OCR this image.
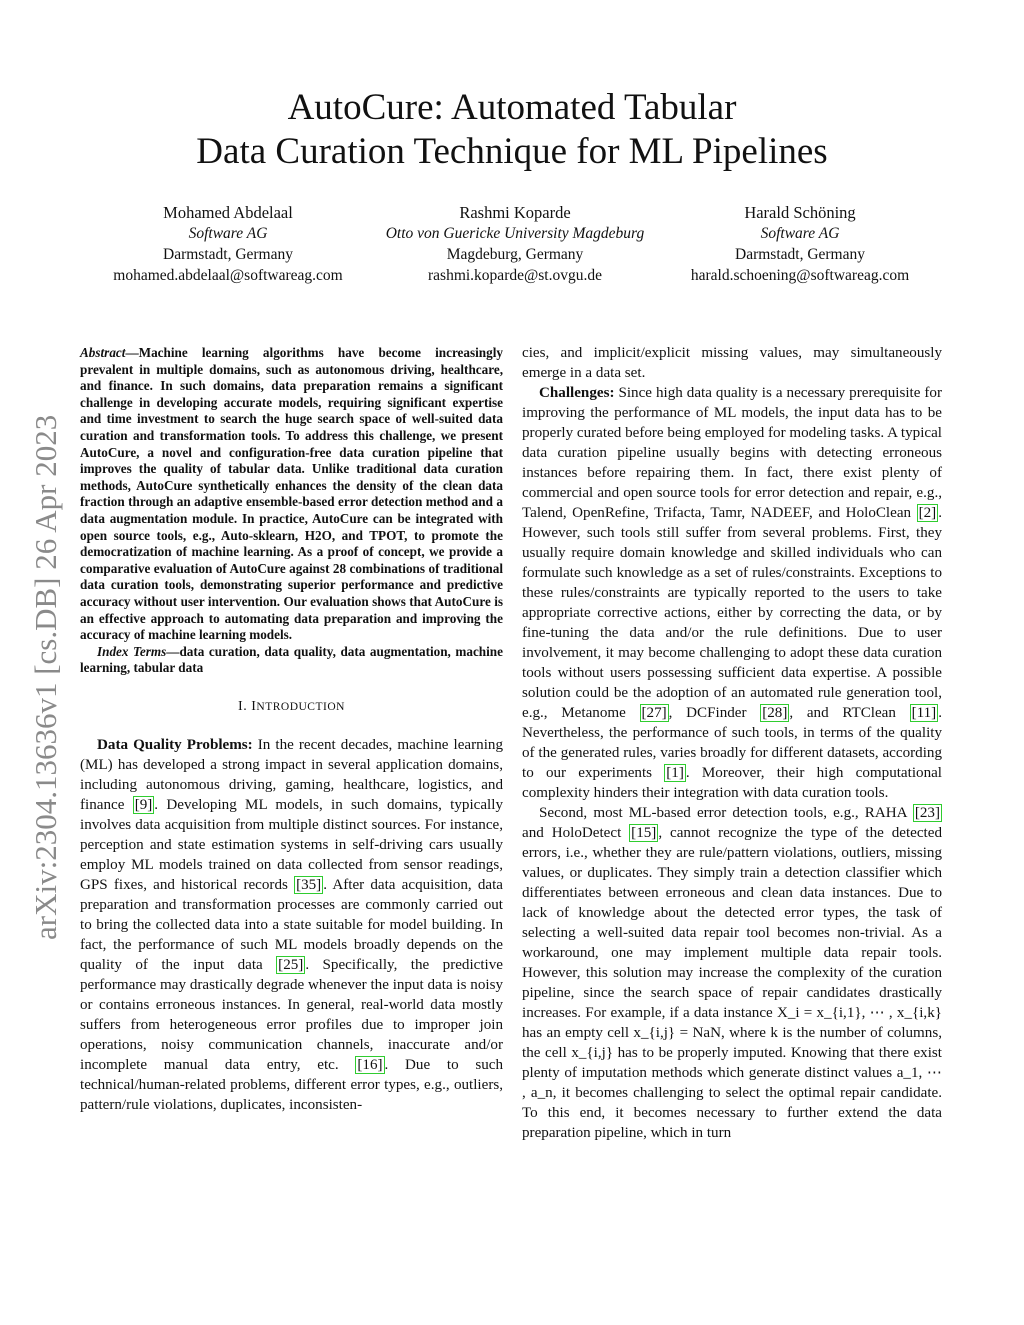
AutoCure: Automated Tabular
Data Curation Technique for ML Pipelines
Mohamed Abdelaal
Software AG
Darmstadt, Germany
mohamed.abdelaal@softwareag.com
Rashmi Koparde
Otto von Guericke University Magdeburg
Magdeburg, Germany
rashmi.koparde@st.ovgu.de
Harald Schöning
Software AG
Darmstadt, Germany
harald.schoening@softwareag.com
arXiv:2304.13636v1 [cs.DB] 26 Apr 2023

Abstract—Machine learning algorithms have become increasingly prevalent in multiple domains, such as autonomous driving, healthcare, and finance. In such domains, data preparation remains a significant challenge in developing accurate models, requiring significant expertise and time investment to search the huge search space of well-suited data curation and transformation tools. To address this challenge, we present AutoCure, a novel and configuration-free data curation pipeline that improves the quality of tabular data. Unlike traditional data curation methods, AutoCure synthetically enhances the density of the clean data fraction through an adaptive ensemble-based error detection method and a data augmentation module. In practice, AutoCure can be integrated with open source tools, e.g., Auto-sklearn, H2O, and TPOT, to promote the democratization of machine learning. As a proof of concept, we provide a comparative evaluation of AutoCure against 28 combinations of traditional data curation tools, demonstrating superior performance and predictive accuracy without user intervention. Our evaluation shows that AutoCure is an effective approach to automating data preparation and improving the accuracy of machine learning models.

Index Terms—data curation, data quality, data augmentation, machine learning, tabular data

I. INTRODUCTION

Data Quality Problems: In the recent decades, machine learning (ML) has developed a strong impact in several application domains, including autonomous driving, gaming, healthcare, logistics, and finance [9] . Developing ML models, in such domains, typically involves data acquisition from multiple distinct sources. For instance, perception and state estimation systems in self-driving cars usually employ ML models trained on data collected from sensor readings, GPS fixes, and historical records [35] . After data acquisition, data preparation and transformation processes are commonly carried out to bring the collected data into a state suitable for model building. In fact, the performance of such ML models broadly depends on the quality of the input data [25] . Specifically, the predictive performance may drastically degrade whenever the input data is noisy or contains erroneous instances. In general, real-world data mostly suffers from heterogeneous error profiles due to improper join operations, noisy communication channels, inaccurate and/or incomplete manual data entry, etc. [16] . Due to such technical/human-related problems, different error types, e.g., outliers, pattern/rule violations, duplicates, inconsisten-

cies, and implicit/explicit missing values, may simultaneously emerge in a data set.

Challenges: Since high data quality is a necessary prerequisite for improving the performance of ML models, the input data has to be properly curated before being employed for modeling tasks. A typical data curation pipeline usually begins with detecting erroneous instances before repairing them. In fact, there exist plenty of commercial and open source tools for error detection and repair, e.g., Talend, OpenRefine, Trifacta, Tamr, NADEEF, and HoloClean [2] . However, such tools still suffer from several problems. First, they usually require domain knowledge and skilled individuals who can formulate such knowledge as a set of rules/constraints. Exceptions to these rules/constraints are typically reported to the users to take appropriate corrective actions, either by correcting the data, or by fine-tuning the data and/or the rule definitions. Due to user involvement, it may become challenging to adopt these data curation tools without users possessing sufficient data expertise. A possible solution could be the adoption of an automated rule generation tool, e.g., Metanome [27] , DCFinder [28] , and RTClean [11] . Nevertheless, the performance of such tools, in terms of the quality of the generated rules, varies broadly for different datasets, according to our experiments [1] . Moreover, their high computational complexity hinders their integration with data curation tools.

Second, most ML-based error detection tools, e.g., RAHA [23] and HoloDetect [15] , cannot recognize the type of the detected errors, i.e., whether they are rule/pattern violations, outliers, missing values, or duplicates. They simply train a detection classifier which differentiates between erroneous and clean data instances. Due to lack of knowledge about the detected error types, the task of selecting a well-suited data repair tool becomes non-trivial. As a workaround, one may implement multiple data repair tools. However, this solution may increase the complexity of the curation pipeline, since the search space of repair candidates drastically increases. For example, if a data instance X_i = x_{i,1}, ⋯ , x_{i,k} has an empty cell x_{i,j} = NaN, where k is the number of columns, the cell x_{i,j} has to be properly imputed. Knowing that there exist plenty of imputation methods which generate distinct values a_1, ⋯ , a_n, it becomes challenging to select the optimal repair candidate. To this end, it becomes necessary to further extend the data preparation pipeline, which in turn
